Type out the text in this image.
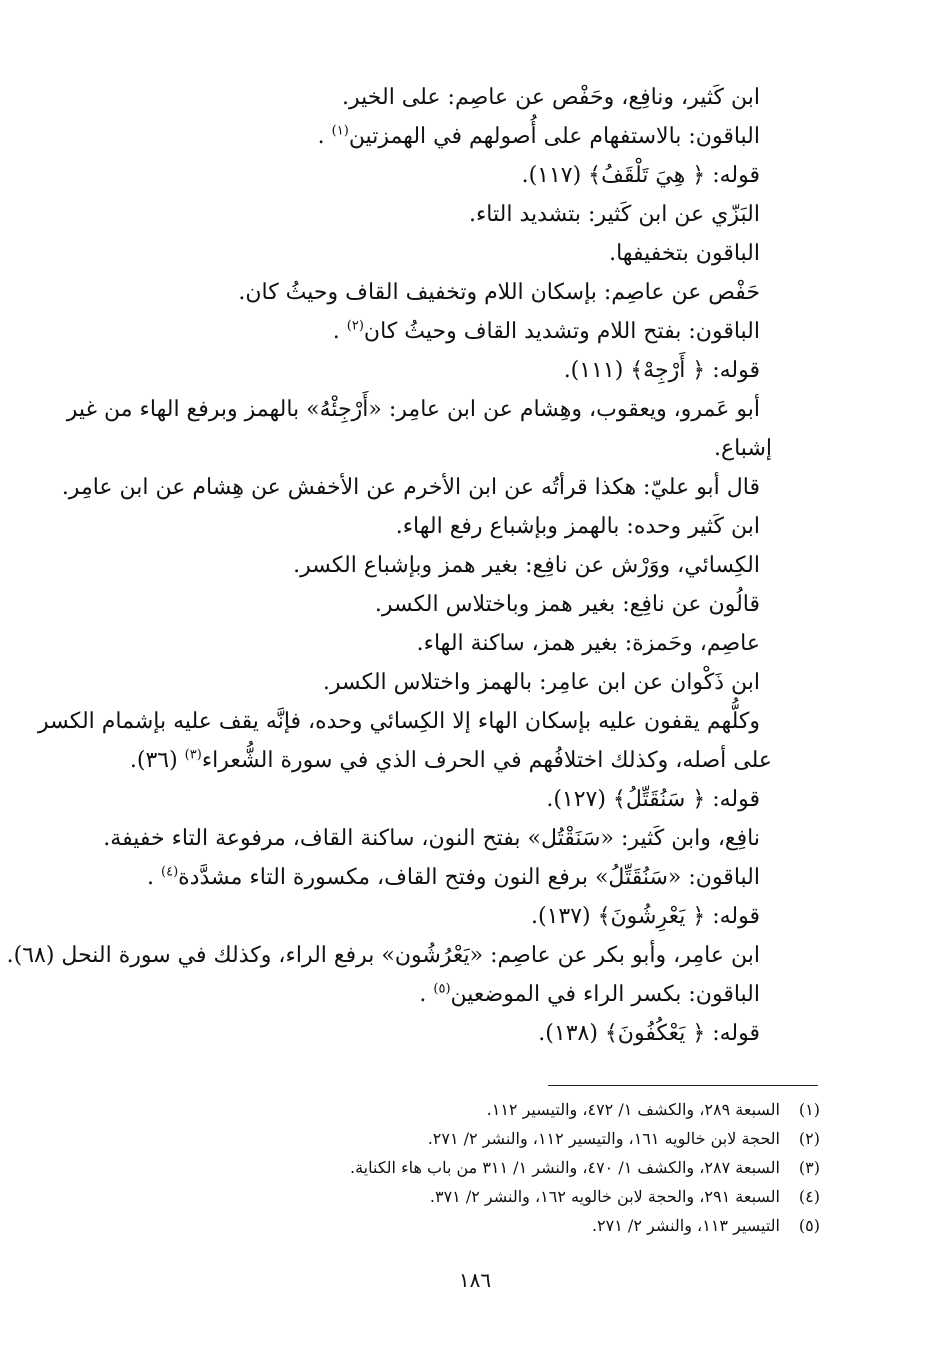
ابن كَثير، ونافِع، وحَفْص عن عاصِم: على الخير.
الباقون: بالاستفهام على أُصولهم في الهمزتين$^{(١)}$ .
قوله: ﴿ هِيَ تَلْقَفُ﴾ (١١٧).
البَزّي عن ابن كَثير: بتشديد التاء.
الباقون بتخفيفها.
حَفْص عن عاصِم: بإسكان اللام وتخفيف القاف وحيثُ كان.
الباقون: بفتح اللام وتشديد القاف وحيثُ كان$^{(٢)}$ .
قوله: ﴿ أَرْجِهْ﴾ (١١١).
أبو عَمرو، ويعقوب، وهِشام عن ابن عامِر: «أَرْجِئْهُ» بالهمز وبرفع الهاء من غير
إشباع.
قال أبو عليّ: هكذا قرأتُه عن ابن الأخرم عن الأخفش عن هِشام عن ابن عامِر.
ابن كَثير وحده: بالهمز وبإشباع رفع الهاء.
الكِسائي، ووَرْش عن نافِع: بغير همز وبإشباع الكسر.
قالُون عن نافِع: بغير همز وباختلاس الكسر.
عاصِم، وحَمزة: بغير همز، ساكنة الهاء.
ابن ذَكْوان عن ابن عامِر: بالهمز واختلاس الكسر.
وكلُّهم يقفون عليه بإسكان الهاء إلا الكِسائي وحده، فإنَّه يقف عليه بإشمام الكسر
على أصله، وكذلك اختلافُهم في الحرف الذي في سورة الشُّعراء$^{(٣)}$ (٣٦).
قوله: ﴿ سَنُقَتِّلُ﴾ (١٢٧).
نافِع، وابن كَثير: «سَنَقْتُل» بفتح النون، ساكنة القاف، مرفوعة التاء خفيفة.
الباقون: «سَنُقَتِّلُ» برفع النون وفتح القاف، مكسورة التاء مشدَّدة$^{(٤)}$ .
قوله: ﴿ يَعْرِشُونَ﴾ (١٣٧).
ابن عامِر، وأبو بكر عن عاصِم: «يَعْرُشُون» برفع الراء، وكذلك في سورة النحل (٦٨).
الباقون: بكسر الراء في الموضعين$^{(٥)}$ .
قوله: ﴿ يَعْكُفُونَ﴾ (١٣٨).
(١)السبعة ٢٨٩، والكشف ١/ ٤٧٢، والتيسير ١١٢.
(٢)الحجة لابن خالويه ١٦١، والتيسير ١١٢، والنشر ٢/ ٢٧١.
(٣)السبعة ٢٨٧، والكشف ١/ ٤٧٠، والنشر ١/ ٣١١ من باب هاء الكناية.
(٤)السبعة ٢٩١، والحجة لابن خالويه ١٦٢، والنشر ٢/ ٣٧١.
(٥)التيسير ١١٣، والنشر ٢/ ٢٧١.
١٨٦
